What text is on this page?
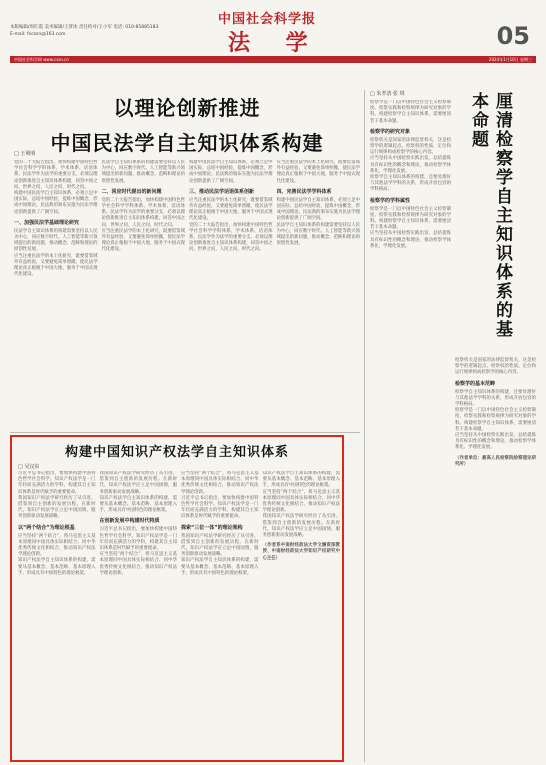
本版编辑/周红霞 美术编辑/王梦冰 责任校对/王小军 电话: 010-85885183 E-mail: fxcssn@163.com
中国社会科学报
法 学	05
中国社会科学网 www.cssn.cn	2024年1月10日 星期三
以理论创新推进
中国民法学自主知识体系构建
□ 王利明

党的二十大报告指出，加快构建中国特色哲学社会科学学科体系、学术体系、话语体系。民法学作为法学的重要分支，必须以理论创新推进自主知识体系构建，回答中国之问、世界之问、人民之问、时代之问。

构建中国民法学自主知识体系，必须立足中国实际，总结中国经验，提炼中国概念，形成中国理论。民法典的颁布实施为民法学理论创新提供了广阔空间。

一、加强民法学基础理论研究

民法学自主知识体系的构建需要坚持以人民为中心，回应数字时代、人工智能等新兴领域提出的新问题，推动概念、范畴和理论的原创性发展。

应当注重民法学的本土化研究，既要借鉴域外有益经验，又要避免简单照搬，使民法学理论真正植根于中国大地，服务于中国式现代化建设。

民法学自主知识体系的构建需要坚持以人民为中心，回应数字时代、人工智能等新兴领域提出的新问题，推动概念、范畴和理论的原创性发展。

二、回应时代提出的新问题

党的二十大报告指出，加快构建中国特色哲学社会科学学科体系、学术体系、话语体系。民法学作为法学的重要分支，必须以理论创新推进自主知识体系构建，回答中国之问、世界之问、人民之问、时代之问。

应当注重民法学的本土化研究，既要借鉴域外有益经验，又要避免简单照搬，使民法学理论真正植根于中国大地，服务于中国式现代化建设。

构建中国民法学自主知识体系，必须立足中国实际，总结中国经验，提炼中国概念，形成中国理论。民法典的颁布实施为民法学理论创新提供了广阔空间。

三、推动民法学话语体系创新

应当注重民法学的本土化研究，既要借鉴域外有益经验，又要避免简单照搬，使民法学理论真正植根于中国大地，服务于中国式现代化建设。

党的二十大报告指出，加快构建中国特色哲学社会科学学科体系、学术体系、话语体系。民法学作为法学的重要分支，必须以理论创新推进自主知识体系构建，回答中国之问、世界之问、人民之问、时代之问。

应当注重民法学的本土化研究，既要借鉴域外有益经验，又要避免简单照搬，使民法学理论真正植根于中国大地，服务于中国式现代化建设。

四、完善民法学学科体系

构建中国民法学自主知识体系，必须立足中国实际，总结中国经验，提炼中国概念，形成中国理论。民法典的颁布实施为民法学理论创新提供了广阔空间。

民法学自主知识体系的构建需要坚持以人民为中心，回应数字时代、人工智能等新兴领域提出的新问题，推动概念、范畴和理论的原创性发展。

□ 朱孝清 张 琪

检察学是一门以中国特色社会主义检察制度、检察实践和检察规律为研究对象的学科。构建检察学自主知识体系，需要厘清若干基本命题。

检察学的研究对象

检察机关是国家的法律监督机关，这是检察学的逻辑起点。检察权的性质、定位和运行规律构成检察学的核心内容。

应当坚持从中国检察实践出发，总结提炼具有标识性的概念和理论，推动检察学体系化、学理化发展。

检察学自主知识体系的构建，还要处理好与其他法学学科的关系，形成开放包容的学科格局。

检察学的学科属性

检察学是一门以中国特色社会主义检察制度、检察实践和检察规律为研究对象的学科。构建检察学自主知识体系，需要厘清若干基本命题。

应当坚持从中国检察实践出发，总结提炼具有标识性的概念和理论，推动检察学体系化、学理化发展。

检察机关是国家的法律监督机关，这是检察学的逻辑起点。检察权的性质、定位和运行规律构成检察学的核心内容。

检察学的基本范畴

检察学自主知识体系的构建，还要处理好与其他法学学科的关系，形成开放包容的学科格局。

检察学是一门以中国特色社会主义检察制度、检察实践和检察规律为研究对象的学科。构建检察学自主知识体系，需要厘清若干基本命题。

应当坚持从中国检察实践出发，总结提炼具有标识性的概念和理论，推动检察学体系化、学理化发展。

（作者单位：最高人民检察院检察理论研究所）

厘清检察学自主知识体系的基本命题
构建中国知识产权法学自主知识体系
□ 吴汉东

习近平总书记指出，要加快构建中国特色哲学社会科学。知识产权法学是一门年轻而充满活力的学科，构建其自主知识体系是时代赋予的重要使命。

我国知识产权法学研究经历了从引进、借鉴到自主创新的发展历程。在新时代，知识产权法学应立足中国国情，服务创新驱动发展战略。

以“两个结合”为理论根基

应当坚持“两个结合”，将马克思主义基本原理同中国具体实际相结合、同中华优秀传统文化相结合，推动知识产权法学理论创新。

知识产权法学自主知识体系的构建，需要从基本概念、基本范畴、基本原理入手，形成具有中国特色的理论框架。

我国知识产权法学研究经历了从引进、借鉴到自主创新的发展历程。在新时代，知识产权法学应立足中国国情，服务创新驱动发展战略。

知识产权法学自主知识体系的构建，需要从基本概念、基本范畴、基本原理入手，形成具有中国特色的理论框架。

在创新发展中构建时代特质

习近平总书记指出，要加快构建中国特色哲学社会科学。知识产权法学是一门年轻而充满活力的学科，构建其自主知识体系是时代赋予的重要使命。

应当坚持“两个结合”，将马克思主义基本原理同中国具体实际相结合、同中华优秀传统文化相结合，推动知识产权法学理论创新。

应当坚持“两个结合”，将马克思主义基本原理同中国具体实际相结合、同中华优秀传统文化相结合，推动知识产权法学理论创新。

习近平总书记指出，要加快构建中国特色哲学社会科学。知识产权法学是一门年轻而充满活力的学科，构建其自主知识体系是时代赋予的重要使命。

探索“三位一体”的理论架构

我国知识产权法学研究经历了从引进、借鉴到自主创新的发展历程。在新时代，知识产权法学应立足中国国情，服务创新驱动发展战略。

知识产权法学自主知识体系的构建，需要从基本概念、基本范畴、基本原理入手，形成具有中国特色的理论框架。

知识产权法学自主知识体系的构建，需要从基本概念、基本范畴、基本原理入手，形成具有中国特色的理论框架。

应当坚持“两个结合”，将马克思主义基本原理同中国具体实际相结合、同中华优秀传统文化相结合，推动知识产权法学理论创新。

我国知识产权法学研究经历了从引进、借鉴到自主创新的发展历程。在新时代，知识产权法学应立足中国国情，服务创新驱动发展战略。

（作者系中南财经政法大学文澜资深教授、中南财经政法大学知识产权研究中心主任）
